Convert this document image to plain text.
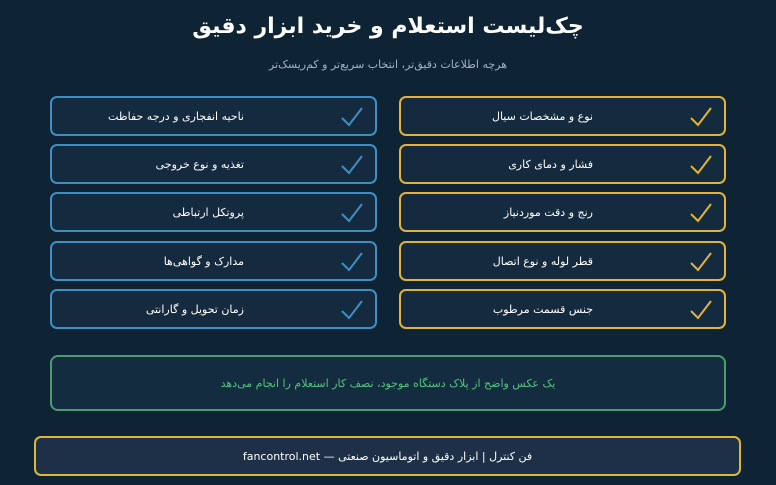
چک‌لیست استعلام و خرید ابزار دقیق
هرچه اطلاعات دقیق‌تر، انتخاب سریع‌تر و کم‌ریسک‌تر
نوع و مشخصات سیال
فشار و دمای کاری
رنج و دقت موردنیاز
قطر لوله و نوع اتصال
جنس قسمت مرطوب
ناحیه انفجاری و درجه حفاظت
تغذیه و نوع خروجی
پروتکل ارتباطی
مدارک و گواهی‌ها
زمان تحویل و گارانتی
یک عکس واضح از پلاک دستگاه موجود، نصف کار استعلام را انجام می‌دهد
فن کنترل | ابزار دقیق و اتوماسیون صنعتی — fancontrol.net
